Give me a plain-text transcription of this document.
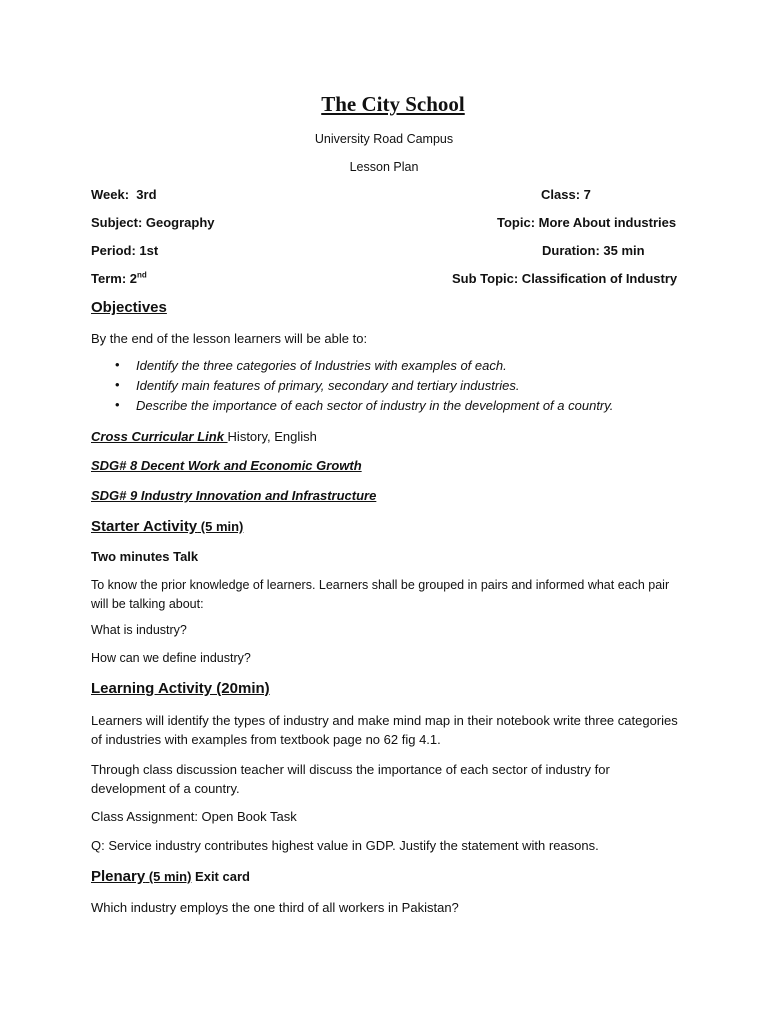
The City School
University Road Campus
Lesson Plan
Week: 3rd	Class: 7
Subject: Geography	Topic: More About industries
Period: 1st	Duration: 35 min
Term: 2nd	Sub Topic: Classification of Industry
Objectives
By the end of the lesson learners will be able to:
• Identify the three categories of Industries with examples of each.
• Identify main features of primary, secondary and tertiary industries.
• Describe the importance of each sector of industry in the development of a country.
Cross Curricular Link History, English
SDG# 8 Decent Work and Economic Growth
SDG# 9 Industry Innovation and Infrastructure
Starter Activity (5 min)
Two minutes Talk
To know the prior knowledge of learners. Learners shall be grouped in pairs and informed what each pair will be talking about:
What is industry?
How can we define industry?
Learning Activity (20min)
Learners will identify the types of industry and make mind map in their notebook write three categories of industries with examples from textbook page no 62 fig 4.1.
Through class discussion teacher will discuss the importance of each sector of industry for development of a country.
Class Assignment: Open Book Task
Q: Service industry contributes highest value in GDP. Justify the statement with reasons.
Plenary (5 min) Exit card
Which industry employs the one third of all workers in Pakistan?
